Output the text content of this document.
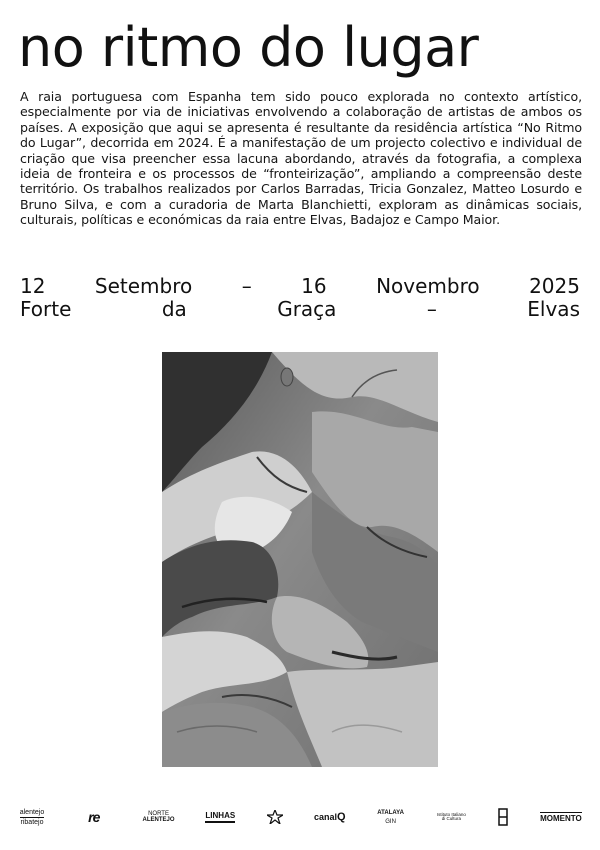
no ritmo do lugar
A raia portuguesa com Espanha tem sido pouco explorada no contexto artístico, especialmente por via de iniciativas envolvendo a colaboração de artistas de ambos os países. A exposição que aqui se apresenta é resultante da residência artística “No Ritmo do Lugar”, decorrida em 2024. É a manifestação de um projecto colectivo e individual de criação que visa preencher essa lacuna abordando, através da fotografia, a complexa ideia de fronteira e os processos de “fronteirização”, ampliando a compreensão deste território. Os trabalhos realizados por Carlos Barradas, Tricia Gonzalez, Matteo Losurdo e Bruno Silva, e com a curadoria de Marta Blanchietti, exploram as dinâmicas sociais, culturais, políticas e económicas da raia entre Elvas, Badajoz e Campo Maior.
12 Setembro – 16 Novembro 2025
Forte	da	Graça	–	Elvas
alentejo
ribatejo	re	NORTE
ALENTEJO
LINHAS	canal Q	ATALAYA
GIN
Istituto Italiano di Cultura	MOMENTO
